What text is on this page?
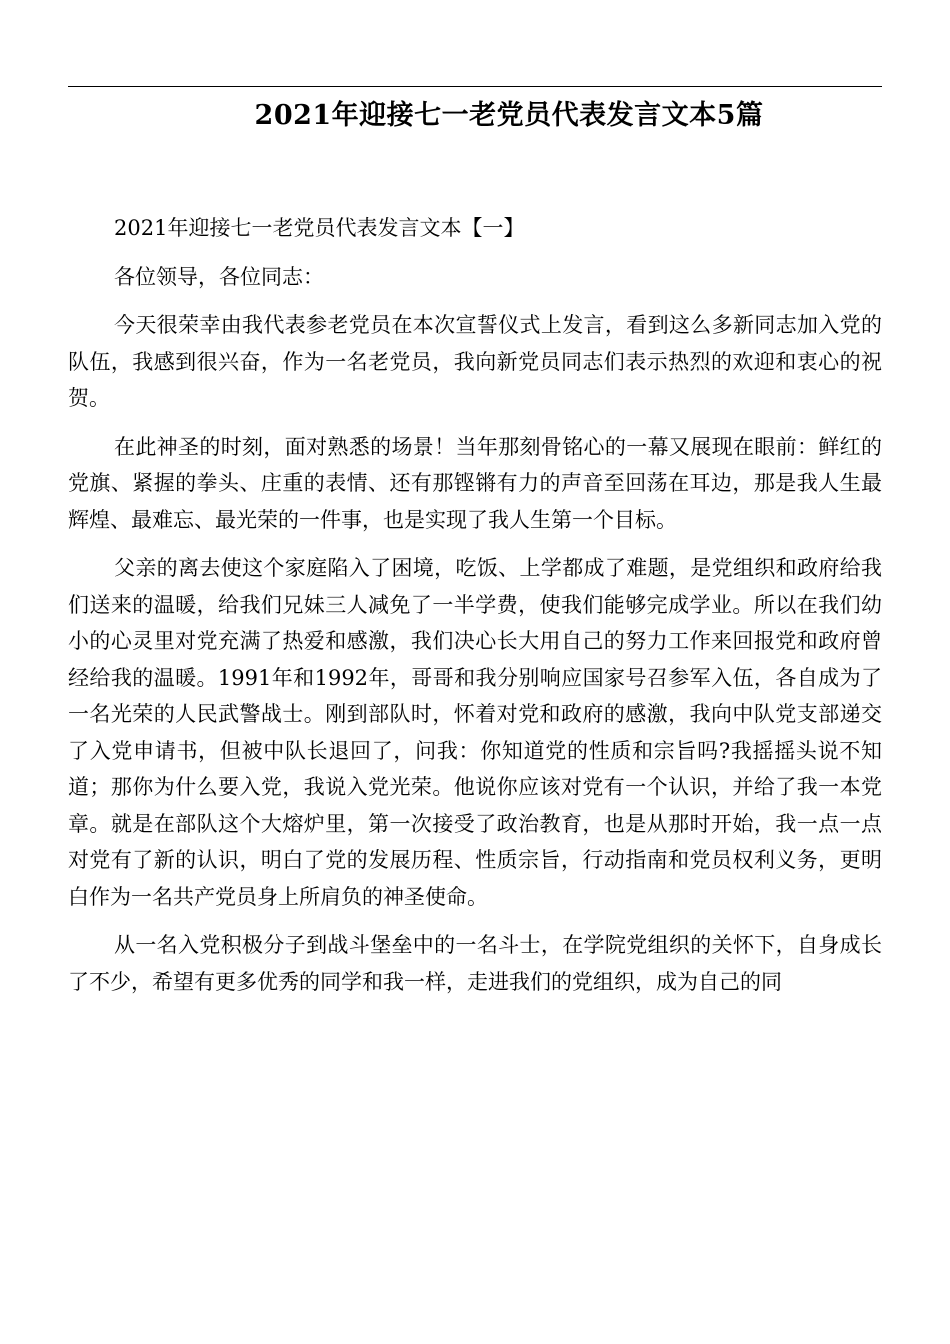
2021年迎接七一老党员代表发言文本5篇

2021年迎接七一老党员代表发言文本【一】

各位领导，各位同志：

今天很荣幸由我代表参老党员在本次宣誓仪式上发言，看到这么多新同志加入党的队伍，我感到很兴奋，作为一名老党员，我向新党员同志们表示热烈的欢迎和衷心的祝贺。

在此神圣的时刻，面对熟悉的场景！当年那刻骨铭心的一幕又展现在眼前：鲜红的党旗、紧握的拳头、庄重的表情、还有那铿锵有力的声音至回荡在耳边，那是我人生最辉煌、最难忘、最光荣的一件事，也是实现了我人生第一个目标。

父亲的离去使这个家庭陷入了困境，吃饭、上学都成了难题，是党组织和政府给我们送来的温暖，给我们兄妹三人减免了一半学费，使我们能够完成学业。所以在我们幼小的心灵里对党充满了热爱和感激，我们决心长大用自己的努力工作来回报党和政府曾经给我的温暖。1991年和1992年，哥哥和我分别响应国家号召参军入伍，各自成为了一名光荣的人民武警战士。刚到部队时，怀着对党和政府的感激，我向中队党支部递交了入党申请书，但被中队长退回了，问我：你知道党的性质和宗旨吗?我摇摇头说不知道；那你为什么要入党，我说入党光荣。他说你应该对党有一个认识，并给了我一本党章。就是在部队这个大熔炉里，第一次接受了政治教育，也是从那时开始，我一点一点对党有了新的认识，明白了党的发展历程、性质宗旨，行动指南和党员权利义务，更明白作为一名共产党员身上所肩负的神圣使命。

从一名入党积极分子到战斗堡垒中的一名斗士，在学院党组织的关怀下，自身成长了不少，希望有更多优秀的同学和我一样，走进我们的党组织，成为自己的同
